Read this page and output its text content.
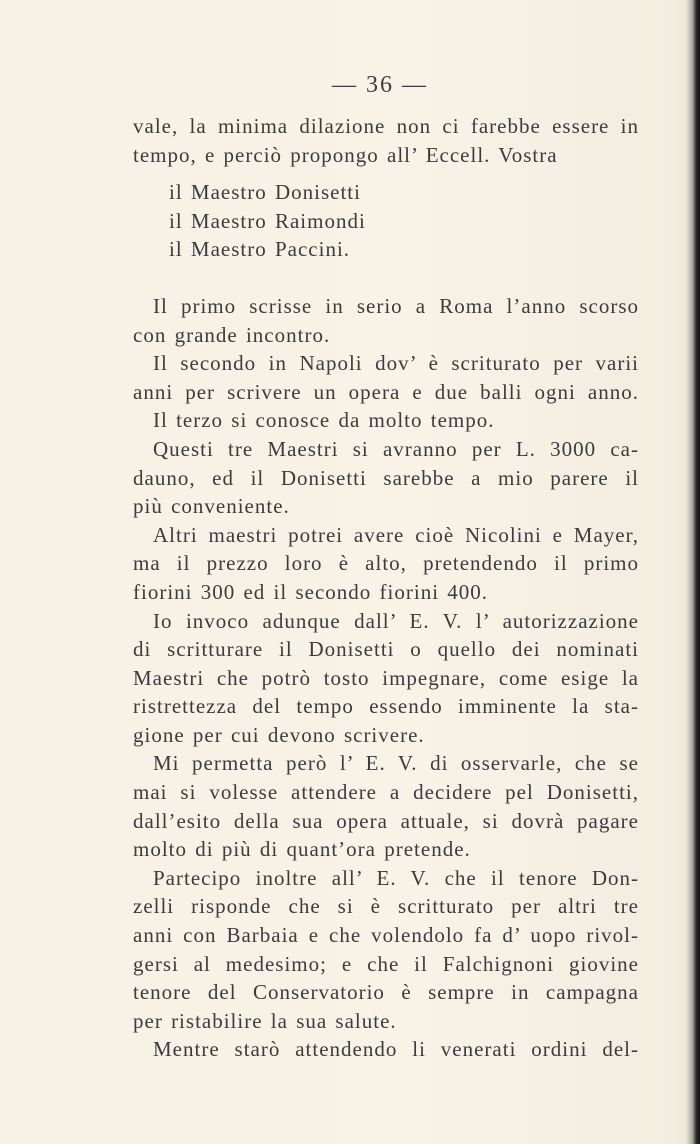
— 36 —
vale, la minima dilazione non ci farebbe essere in
tempo, e perciò propongo all’ Eccell. Vostra
il Maestro Donisetti
il Maestro Raimondi
il Maestro Paccini.
Il primo scrisse in serio a Roma l’anno scorso
con grande incontro.
Il secondo in Napoli dov’ è scriturato per varii
anni per scrivere un opera e due balli ogni anno.
Il terzo si conosce da molto tempo.
Questi tre Maestri si avranno per L. 3000 ca-
dauno, ed il Donisetti sarebbe a mio parere il
più conveniente.
Altri maestri potrei avere cioè Nicolini e Mayer,
ma il prezzo loro è alto, pretendendo il primo
fiorini 300 ed il secondo fiorini 400.
Io invoco adunque dall’ E. V. l’ autorizzazione
di scritturare il Donisetti o quello dei nominati
Maestri che potrò tosto impegnare, come esige la
ristrettezza del tempo essendo imminente la sta-
gione per cui devono scrivere.
Mi permetta però l’ E. V. di osservarle, che se
mai si volesse attendere a decidere pel Donisetti,
dall’esito della sua opera attuale, si dovrà pagare
molto di più di quant’ora pretende.
Partecipo inoltre all’ E. V. che il tenore Don-
zelli risponde che si è scritturato per altri tre
anni con Barbaia e che volendolo fa d’ uopo rivol-
gersi al medesimo; e che il Falchignoni giovine
tenore del Conservatorio è sempre in campagna
per ristabilire la sua salute.
Mentre starò attendendo li venerati ordini del-
